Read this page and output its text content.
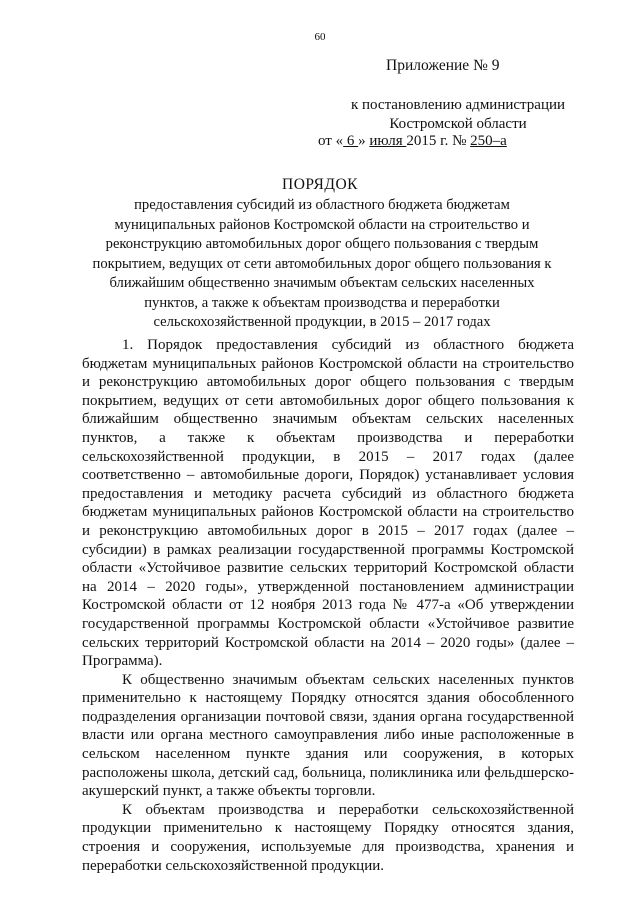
60
Приложение № 9
к постановлению администрации
Костромской области
от « 6 » июля 2015 г. № 250–а
ПОРЯДОК
предоставления субсидий из областного бюджета бюджетам
муниципальных районов Костромской области на строительство и
реконструкцию автомобильных дорог общего пользования с твердым
покрытием, ведущих от сети автомобильных дорог общего пользования к
ближайшим общественно значимым объектам сельских населенных
пунктов, а также к объектам производства и переработки
сельскохозяйственной продукции, в 2015 – 2017 годах

1. Порядок предоставления субсидий из областного бюджета бюджетам муниципальных районов Костромской области на строительство и реконструкцию автомобильных дорог общего пользования с твердым покрытием, ведущих от сети автомобильных дорог общего пользования к ближайшим общественно значимым объектам сельских населенных пунктов, а также к объектам производства и переработки сельскохозяйственной продукции, в 2015 – 2017 годах (далее соответственно – автомобильные дороги, Порядок) устанавливает условия предоставления и методику расчета субсидий из областного бюджета бюджетам муниципальных районов Костромской области на строительство и реконструкцию автомобильных дорог в 2015 – 2017 годах (далее – субсидии) в рамках реализации государственной программы Костромской области «Устойчивое развитие сельских территорий Костромской области на 2014 – 2020 годы», утвержденной постановлением администрации Костромской области от 12 ноября 2013 года № 477-а «Об утверждении государственной программы Костромской области «Устойчивое развитие сельских территорий Костромской области на 2014 – 2020 годы» (далее – Программа).

К общественно значимым объектам сельских населенных пунктов применительно к настоящему Порядку относятся здания обособленного подразделения организации почтовой связи, здания органа государственной власти или органа местного самоуправления либо иные расположенные в сельском населенном пункте здания или сооружения, в которых расположены школа, детский сад, больница, поликлиника или фельдшерско-акушерский пункт, а также объекты торговли.

К объектам производства и переработки сельскохозяйственной продукции применительно к настоящему Порядку относятся здания, строения и сооружения, используемые для производства, хранения и переработки сельскохозяйственной продукции.
